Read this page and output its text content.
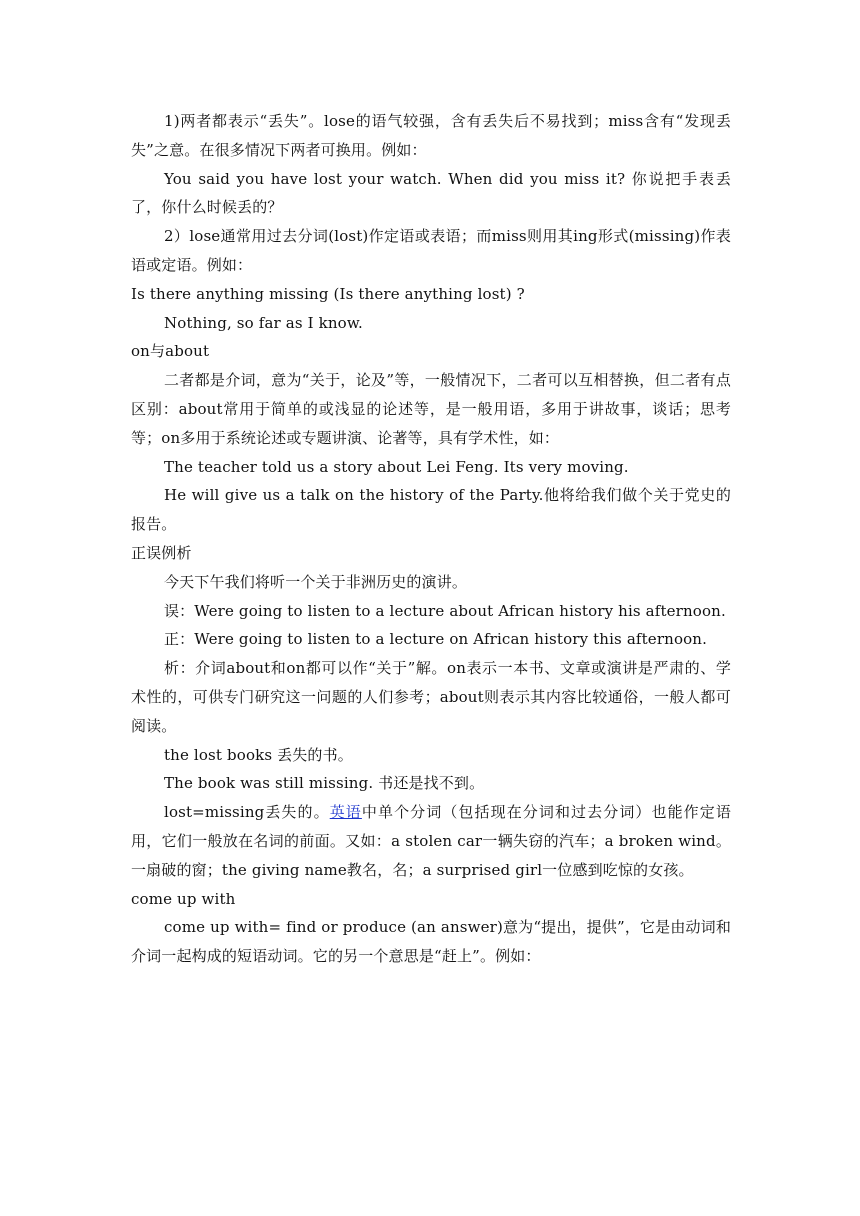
1)两者都表示“丢失”。lose的语气较强，含有丢失后不易找到；miss含有“发现丢失”之意。在很多情况下两者可换用。例如：

You said you have lost your watch. When did you miss it? 你说把手表丢了，你什么时候丢的？

2）lose通常用过去分词(lost)作定语或表语；而miss则用其ing形式(missing)作表语或定语。例如：

Is there anything missing (Is there anything lost) ?

Nothing, so far as I know.

on与about

二者都是介词，意为“关于，论及”等，一般情况下，二者可以互相替换，但二者有点区别：about常用于简单的或浅显的论述等，是一般用语，多用于讲故事，谈话；思考等；on多用于系统论述或专题讲演、论著等，具有学术性，如：

The teacher told us a story about Lei Feng. Its very moving.

He will give us a talk on the history of the Party.他将给我们做个关于党史的报告。

正误例析

今天下午我们将听一个关于非洲历史的演讲。

误：Were going to listen to a lecture about African history his afternoon.

正：Were going to listen to a lecture on African history this afternoon.

析：介词about和on都可以作“关于”解。on表示一本书、文章或演讲是严肃的、学术性的，可供专门研究这一问题的人们参考；about则表示其内容比较通俗，一般人都可阅读。

the lost books 丢失的书。

The book was still missing. 书还是找不到。

lost=missing丢失的。英语中单个分词（包括现在分词和过去分词）也能作定语用，它们一般放在名词的前面。又如：a stolen car一辆失窃的汽车；a broken wind。一扇破的窗；the giving name教名，名；a surprised girl一位感到吃惊的女孩。

come up with

come up with= find or produce (an answer)意为“提出，提供”，它是由动词和介词一起构成的短语动词。它的另一个意思是“赶上”。例如：
